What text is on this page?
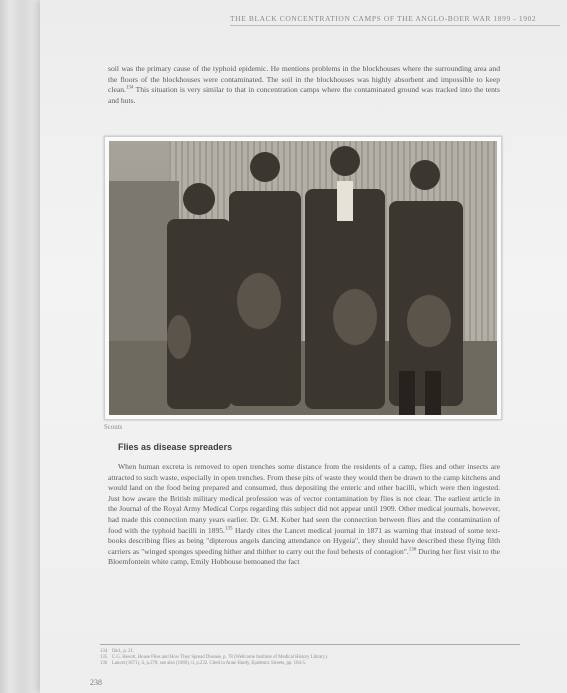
THE BLACK CONCENTRATION CAMPS OF THE ANGLO-BOER WAR 1899 - 1902
soil was the primary cause of the typhoid epidemic. He mentions problems in the blockhouses where the surrounding area and the floors of the blockhouses were contaminated. The soil in the blockhouses was highly absorbent and impossible to keep clean.$^{134}$ This situation is very similar to that in concentration camps where the contaminated ground was tracked into the tents and huts.
Scouts
Flies as disease spreaders

When human excreta is removed to open trenches some distance from the residents of a camp, flies and other insects are attracted to such waste, especially in open trenches. From these pits of waste they would then be drawn to the camp kitchens and would land on the food being prepared and consumed, thus depositing the enteric and other bacilli, which were then ingested. Just how aware the British military medical profession was of vector contamination by flies is not clear. The earliest article in the Journal of the Royal Army Medical Corps regarding this subject did not appear until 1909. Other medical journals, however, had made this connection many years earlier. Dr. G.M. Kober had seen the connection between flies and the contamination of food with the typhoid bacilli in 1895.$^{135}$ Hardy cites the Lancet medical journal in 1871 as warning that instead of some text-books describing flies as being "dipterous angels dancing attendance on Hygeia", they should have described these flying filth carriers as "winged sponges speeding hither and thither to carry out the foul behests of contagion".$^{136}$ During her first visit to the Bloemfontein white camp, Emily Hobhouse bemoaned the fact

134 Ibid., p. 21.
135 C.G. Hewitt, House Flies and How They Spread Disease, p. 78 (Wellcome Institute of Medical History Library).
136 Lancet (1871), ii, p.270; see also (1869), ii, p.232. Cited in Anne Hardy, Epidemic Streets, pp. 184-5.
238
